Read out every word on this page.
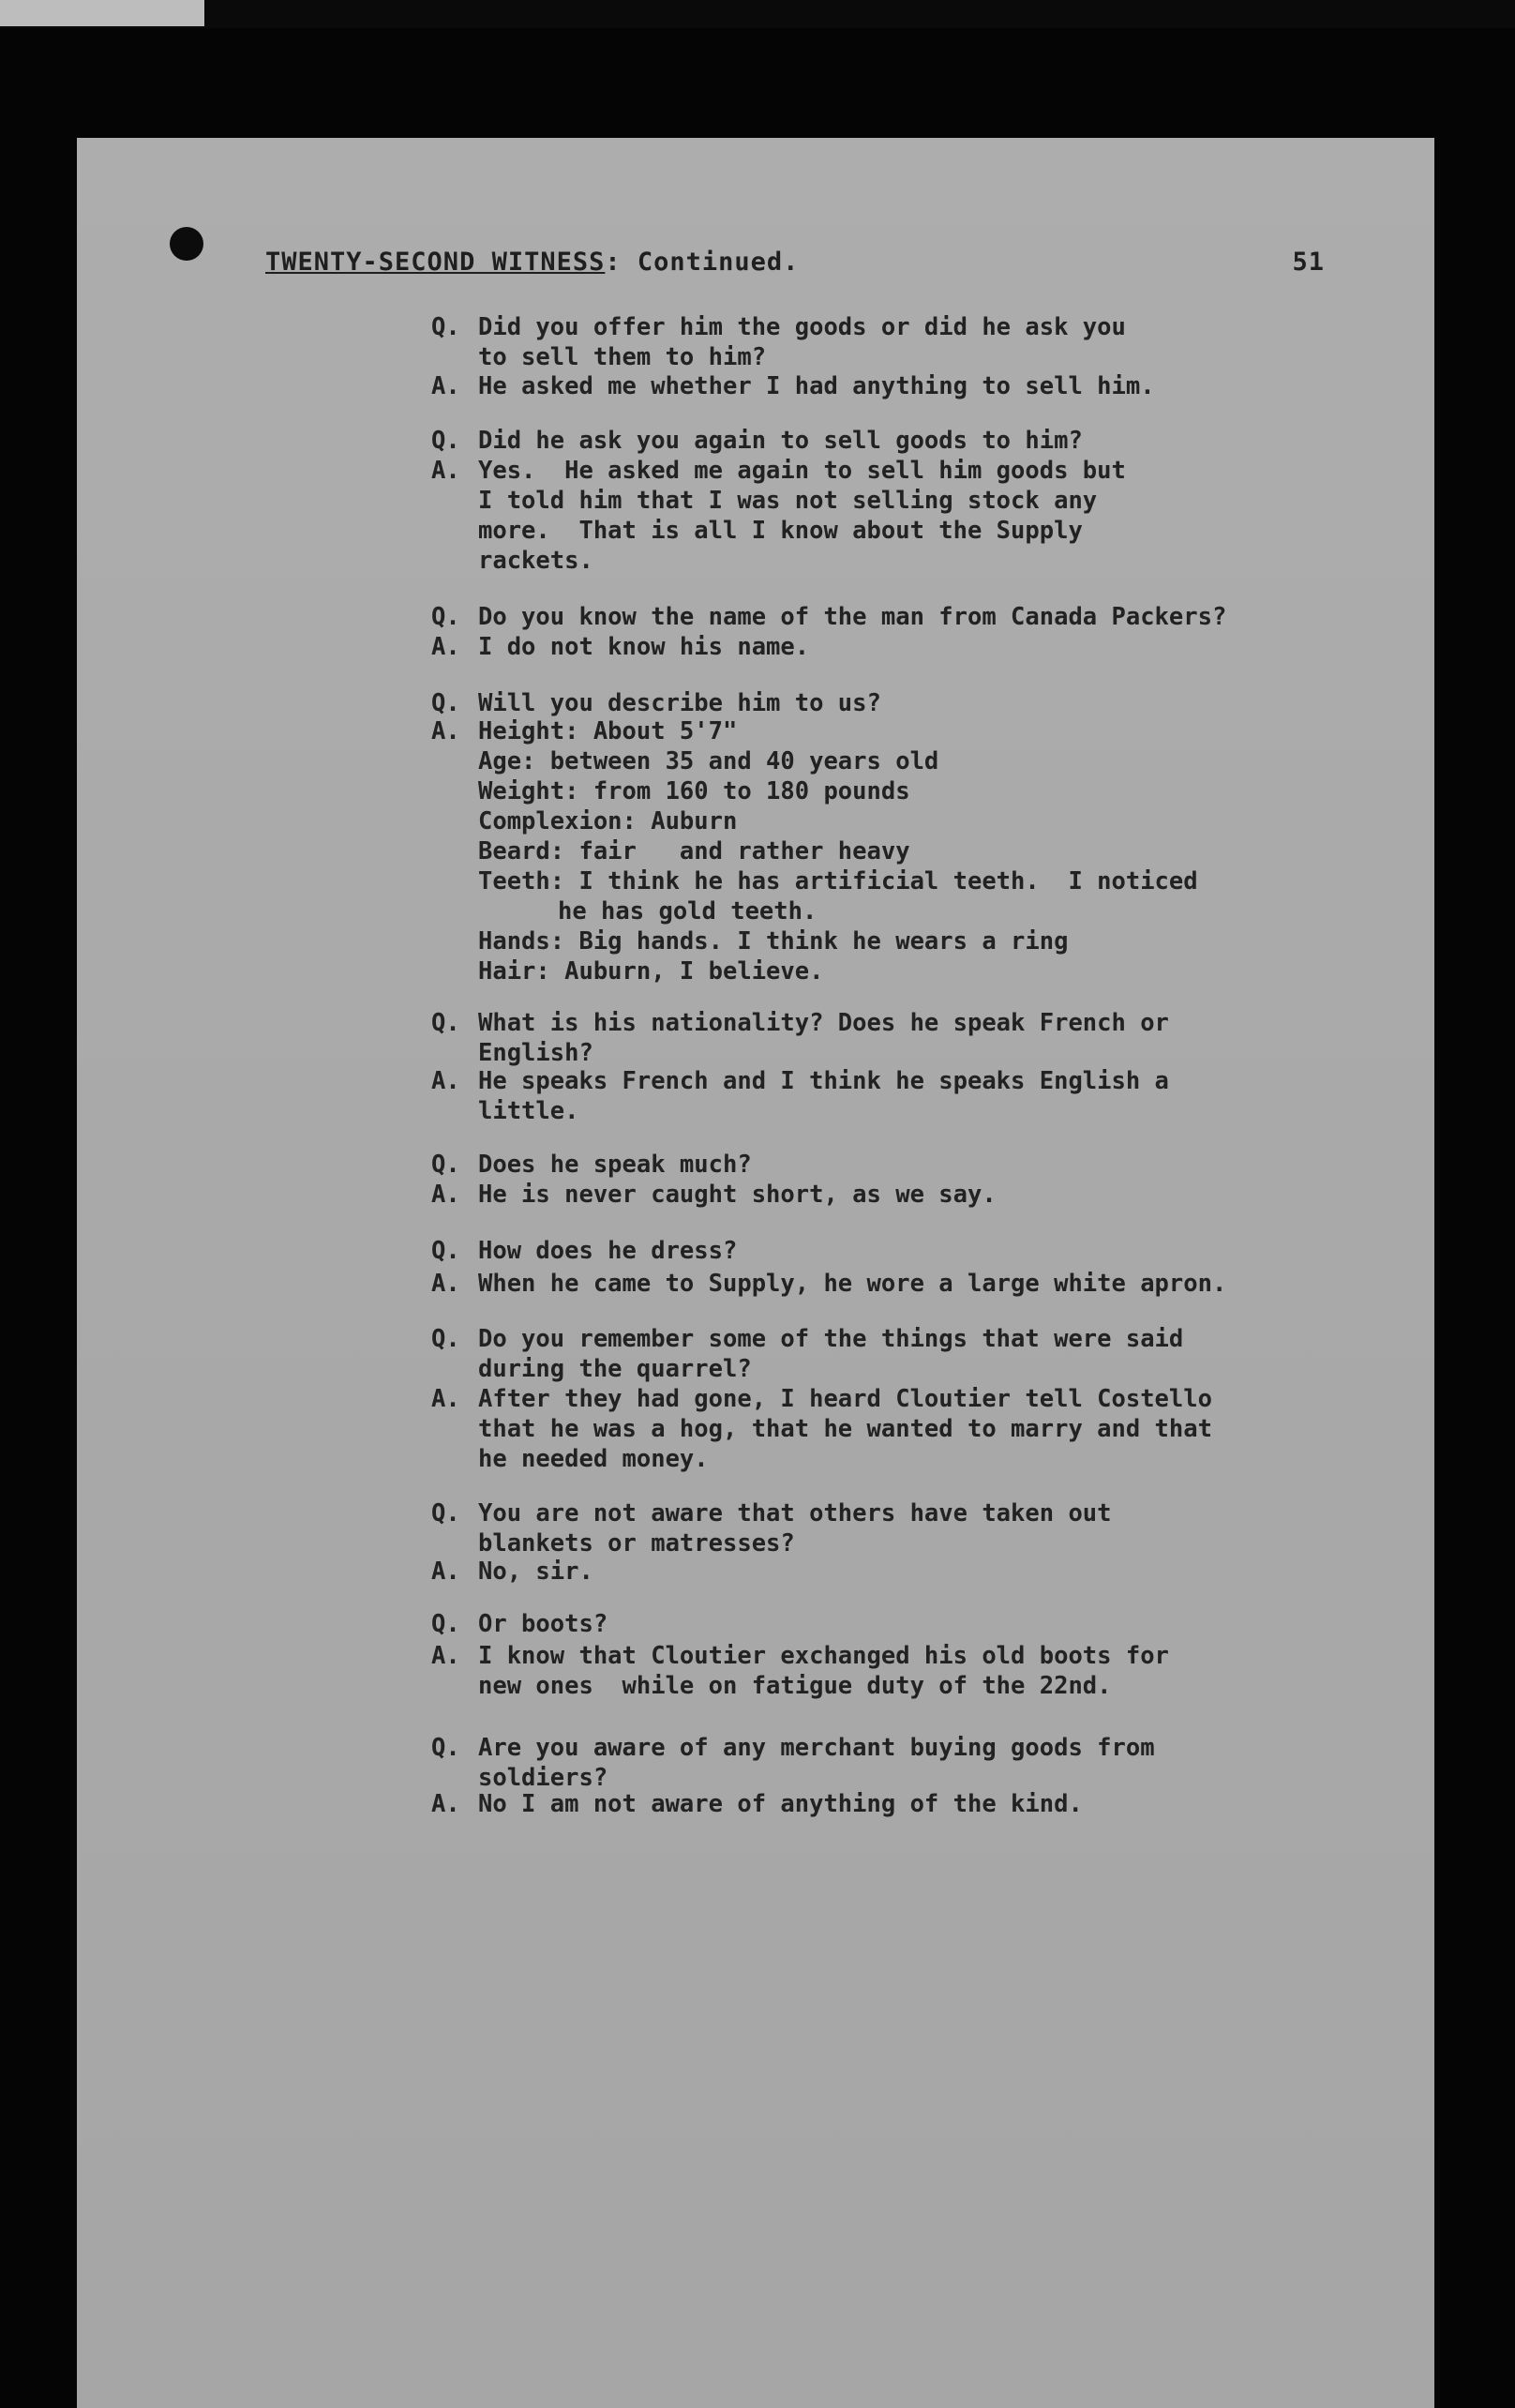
TWENTY-SECOND WITNESS: Continued.	51
Q. Did you offer him the goods or did he ask you
to sell them to him?
A. He asked me whether I had anything to sell him.
Q. Did he ask you again to sell goods to him?
A. Yes.  He asked me again to sell him goods but
I told him that I was not selling stock any
more.  That is all I know about the Supply
rackets.
Q. Do you know the name of the man from Canada Packers?
A. I do not know his name.
Q. Will you describe him to us?
A. Height: About 5'7"
Age: between 35 and 40 years old
Weight: from 160 to 180 pounds
Complexion: Auburn
Beard: fair   and rather heavy
Teeth: I think he has artificial teeth.  I noticed
he has gold teeth.
Hands: Big hands. I think he wears a ring
Hair: Auburn, I believe.
Q. What is his nationality? Does he speak French or
English?
A. He speaks French and I think he speaks English a
little.
Q. Does he speak much?
A. He is never caught short, as we say.
Q. How does he dress?
A. When he came to Supply, he wore a large white apron.
Q. Do you remember some of the things that were said
during the quarrel?
A. After they had gone, I heard Cloutier tell Costello
that he was a hog, that he wanted to marry and that
he needed money.
Q. You are not aware that others have taken out
blankets or matresses?
A. No, sir.
Q. Or boots?
A. I know that Cloutier exchanged his old boots for
new ones  while on fatigue duty of the 22nd.
Q. Are you aware of any merchant buying goods from
soldiers?
A. No I am not aware of anything of the kind.
